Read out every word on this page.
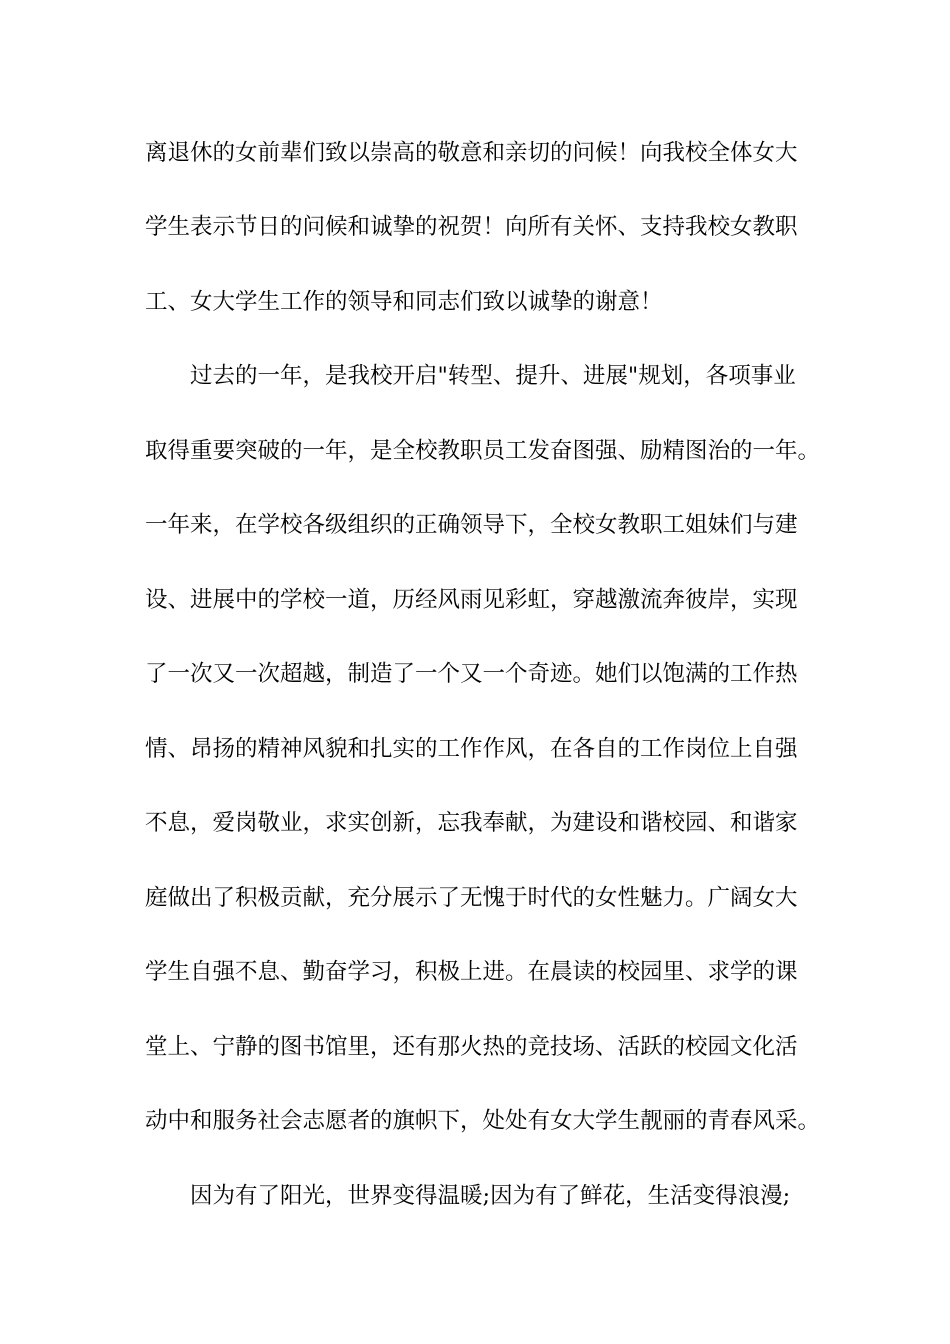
离退休的女前辈们致以崇高的敬意和亲切的问候！向我校全体女大
学生表示节日的问候和诚挚的祝贺！向所有关怀、支持我校女教职
工、女大学生工作的领导和同志们致以诚挚的谢意！
过去的一年，是我校开启"转型、提升、进展"规划，各项事业
取得重要突破的一年，是全校教职员工发奋图强、励精图治的一年。
一年来，在学校各级组织的正确领导下，全校女教职工姐妹们与建
设、进展中的学校一道，历经风雨见彩虹，穿越激流奔彼岸，实现
了一次又一次超越，制造了一个又一个奇迹。她们以饱满的工作热
情、昂扬的精神风貌和扎实的工作作风，在各自的工作岗位上自强
不息，爱岗敬业，求实创新，忘我奉献，为建设和谐校园、和谐家
庭做出了积极贡献，充分展示了无愧于时代的女性魅力。广阔女大
学生自强不息、勤奋学习，积极上进。在晨读的校园里、求学的课
堂上、宁静的图书馆里，还有那火热的竞技场、活跃的校园文化活
动中和服务社会志愿者的旗帜下，处处有女大学生靓丽的青春风采。
因为有了阳光，世界变得温暖;因为有了鲜花，生活变得浪漫;
